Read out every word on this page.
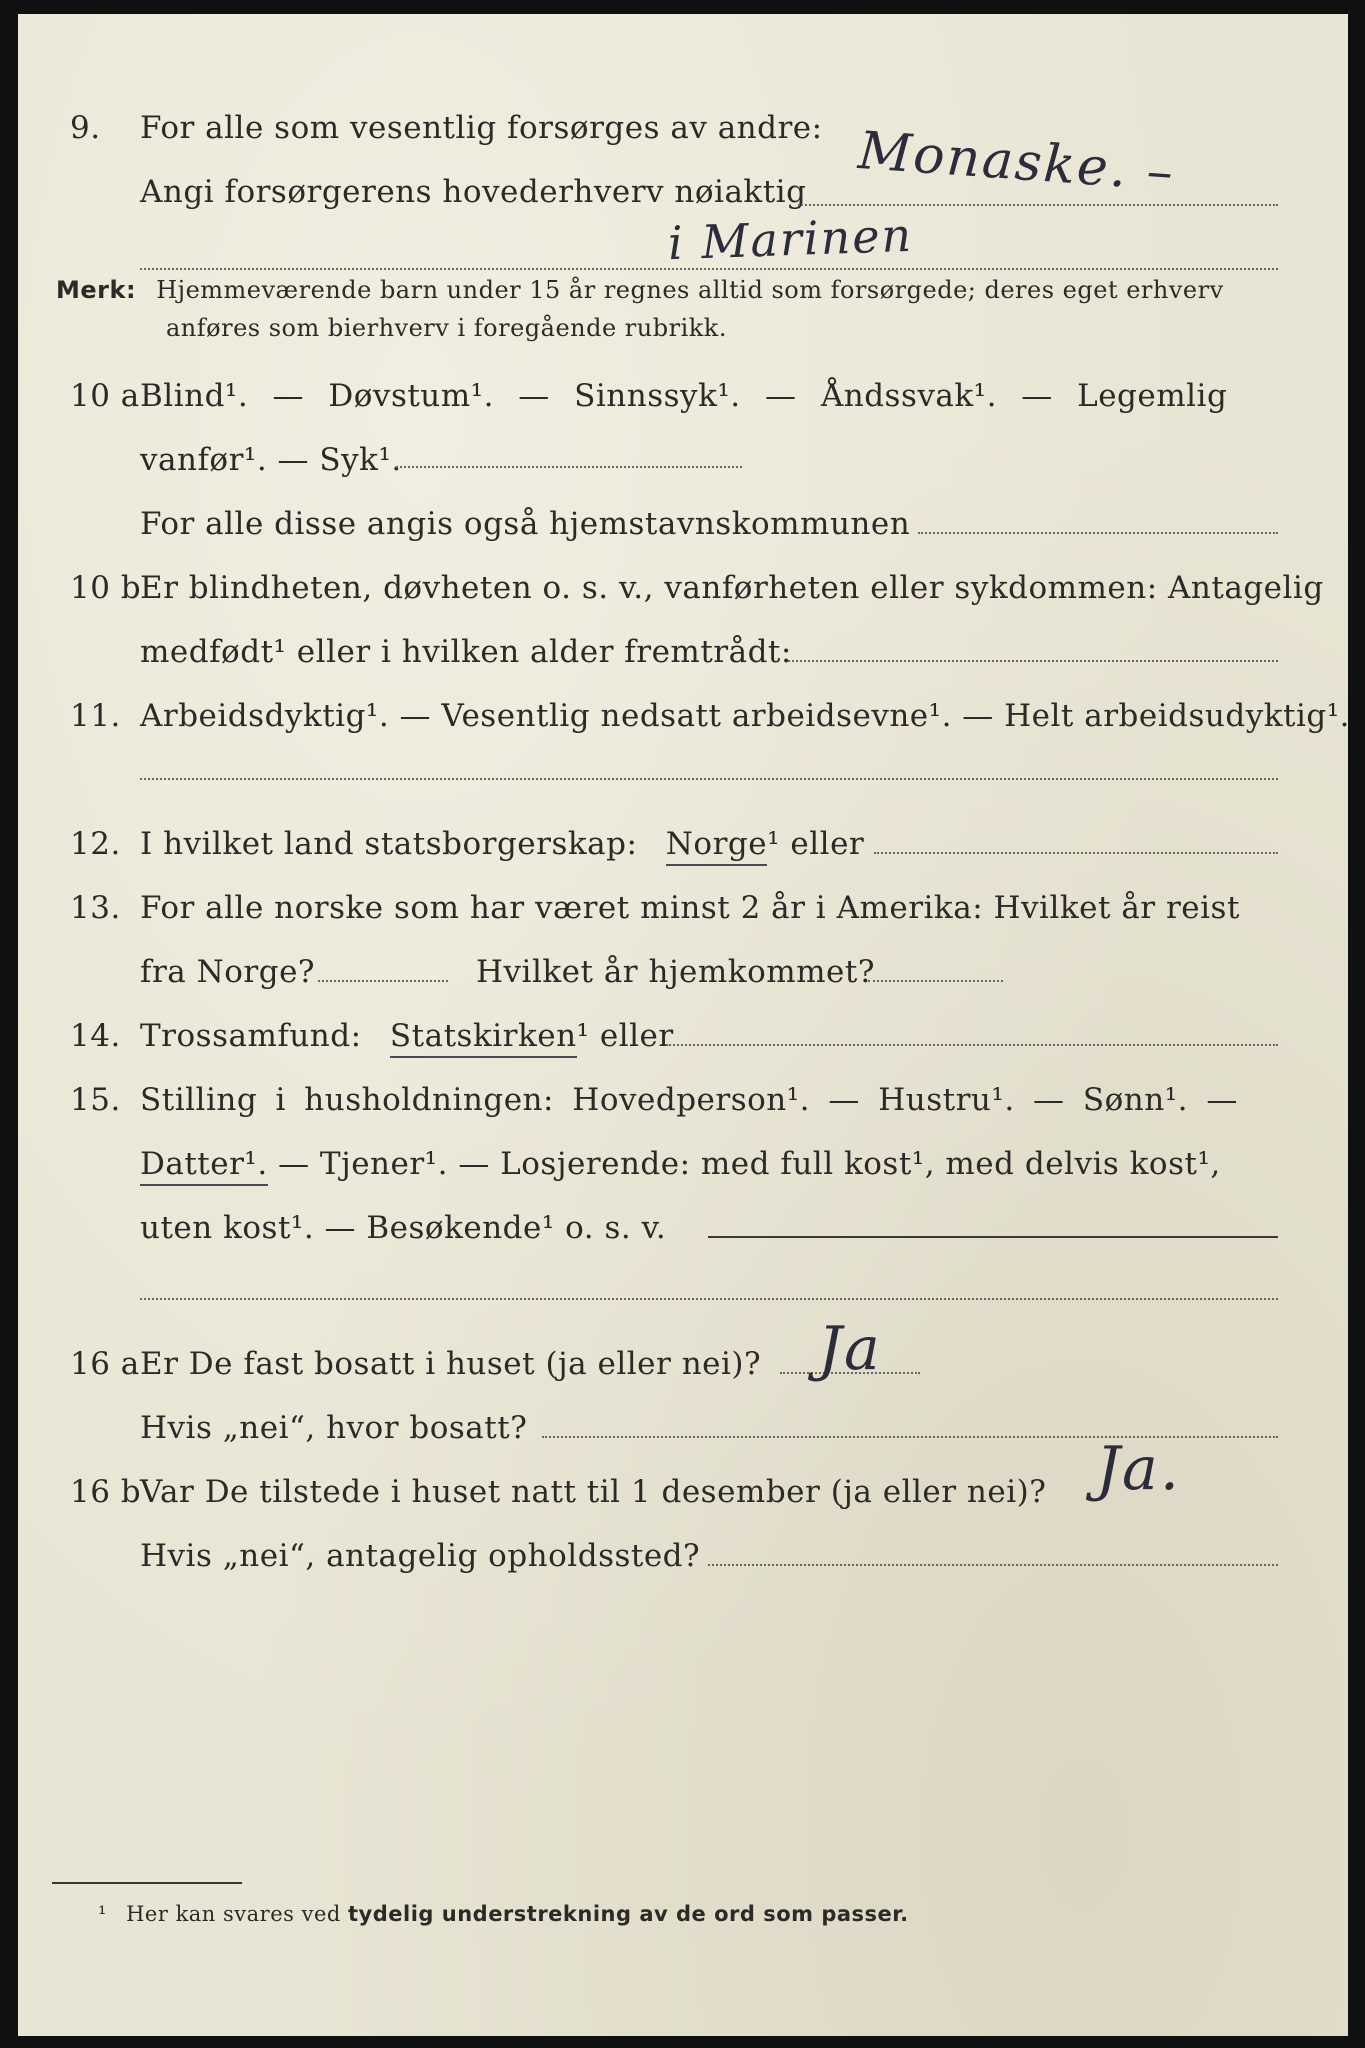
9. For alle som vesentlig forsørges av andre:
Angi forsørgerens hovederhverv nøiaktig Monaske. –
i Marinen
Merk: Hjemmeværende barn under 15 år regnes alltid som forsørgede; deres eget erhverv
anføres som bierhverv i foregående rubrikk.
10 a Blind¹. — Døvstum¹. — Sinnssyk¹. — Åndssvak¹. — Legemlig
vanfør¹. — Syk¹.
For alle disse angis også hjemstavnskommunen
10 b
Er blindheten, døvheten o. s. v., vanførheten eller sykdommen: Antagelig
medfødt¹ eller i hvilken alder fremtrådt:
11. Arbeidsdyktig¹. — Vesentlig nedsatt arbeidsevne¹. — Helt arbeidsudyktig¹.
12. I hvilket land statsborgerskap: Norge¹ eller
13. For alle norske som har været minst 2 år i Amerika: Hvilket år reist
fra Norge?	Hvilket år hjemkommet?
14. Trossamfund: Statskirken¹ eller
15. Stilling i husholdningen: Hovedperson¹. — Hustru¹. — Sønn¹. —
Datter¹. — Tjener¹. — Losjerende: med full kost¹, med delvis kost¹,
uten kost¹. — Besøkende¹ o. s. v.
16 a Er De fast bosatt i huset (ja eller nei)? Ja
Hvis „nei“, hvor bosatt?
16 b
Var De tilstede i huset natt til 1 desember (ja eller nei)? Ja.
Hvis „nei“, antagelig opholdssted?
¹ Her kan svares ved tydelig understrekning av de ord som passer.
